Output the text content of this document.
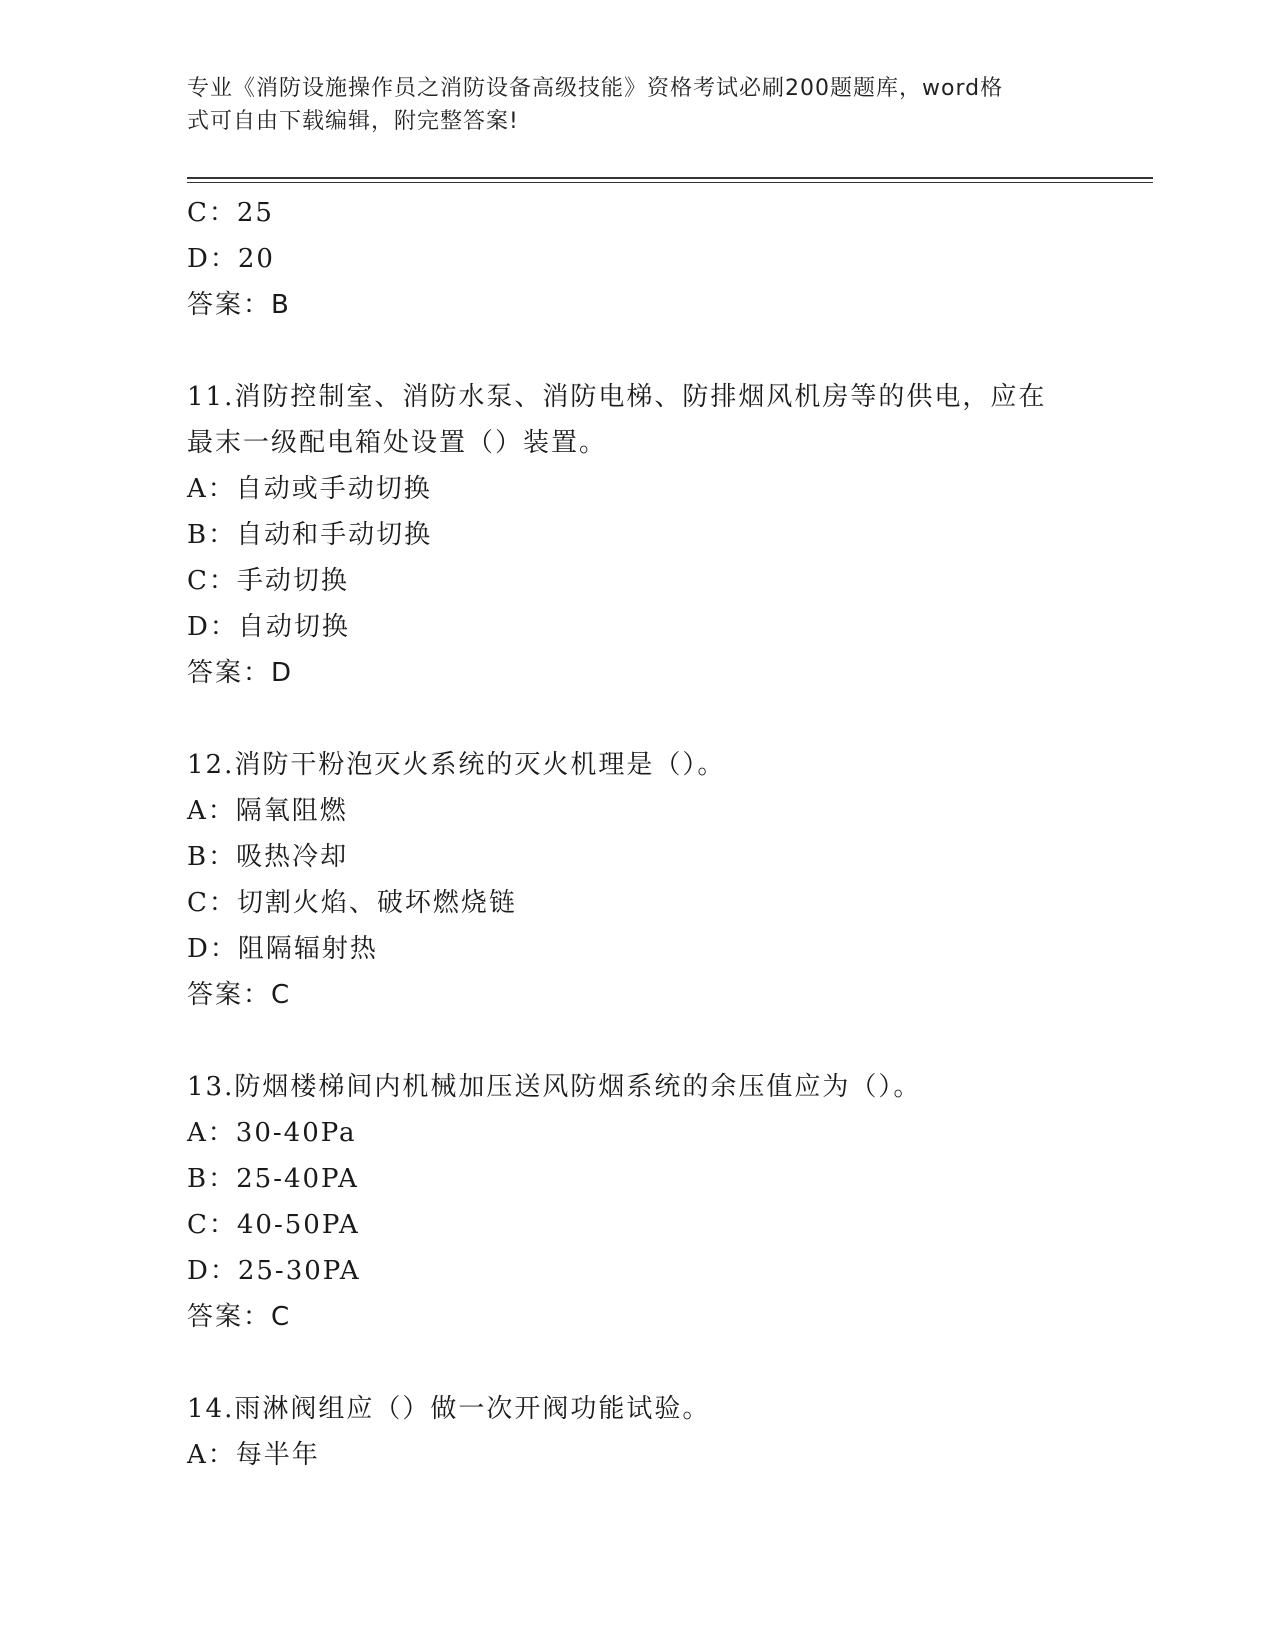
专业《消防设施操作员之消防设备高级技能》资格考试必刷200题题库，word格
式可自由下载编辑，附完整答案!
C：25
D：20
答案：B
11.消防控制室、消防水泵、消防电梯、防排烟风机房等的供电，应在
最末一级配电箱处设置（）装置。
A：自动或手动切换
B：自动和手动切换
C：手动切换
D：自动切换
答案：D
12.消防干粉泡灭火系统的灭火机理是（）。
A：隔氧阻燃
B：吸热冷却
C：切割火焰、破坏燃烧链
D：阻隔辐射热
答案：C
13.防烟楼梯间内机械加压送风防烟系统的余压值应为（）。
A：30-40Pa
B：25-40PA
C：40-50PA
D：25-30PA
答案：C
14.雨淋阀组应（）做一次开阀功能试验。
A：每半年
